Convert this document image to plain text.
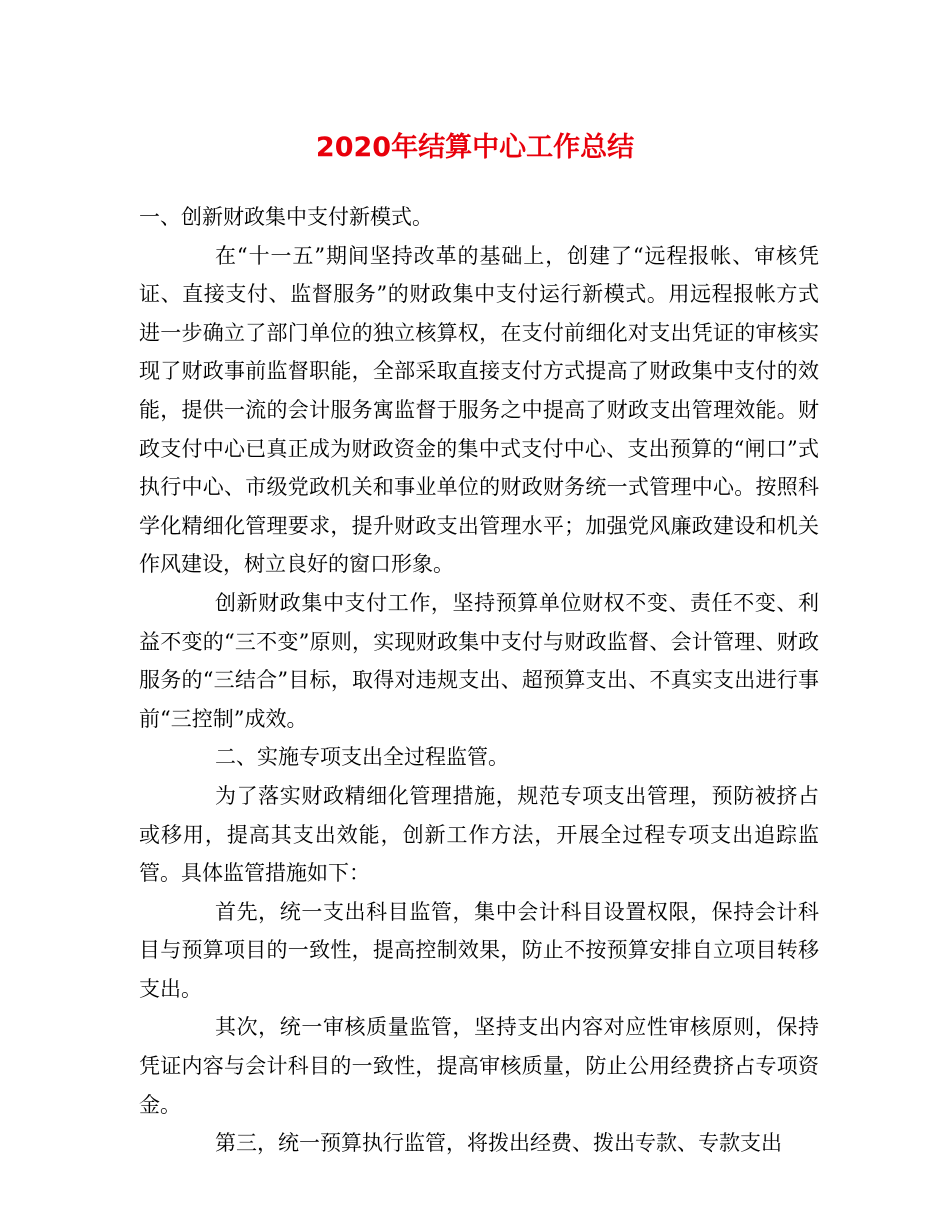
2020年结算中心工作总结

一、创新财政集中支付新模式。

在“十一五”期间坚持改革的基础上，创建了“远程报帐、审核凭证、直接支付、监督服务”的财政集中支付运行新模式。用远程报帐方式进一步确立了部门单位的独立核算权，在支付前细化对支出凭证的审核实现了财政事前监督职能，全部采取直接支付方式提高了财政集中支付的效能，提供一流的会计服务寓监督于服务之中提高了财政支出管理效能。财政支付中心已真正成为财政资金的集中式支付中心、支出预算的“闸口”式执行中心、市级党政机关和事业单位的财政财务统一式管理中心。按照科学化精细化管理要求，提升财政支出管理水平；加强党风廉政建设和机关作风建设，树立良好的窗口形象。

创新财政集中支付工作，坚持预算单位财权不变、责任不变、利益不变的“三不变”原则，实现财政集中支付与财政监督、会计管理、财政服务的“三结合”目标，取得对违规支出、超预算支出、不真实支出进行事前“三控制”成效。

二、实施专项支出全过程监管。

为了落实财政精细化管理措施，规范专项支出管理，预防被挤占或移用，提高其支出效能，创新工作方法，开展全过程专项支出追踪监管。具体监管措施如下：

首先，统一支出科目监管，集中会计科目设置权限，保持会计科目与预算项目的一致性，提高控制效果，防止不按预算安排自立项目转移支出。

其次，统一审核质量监管，坚持支出内容对应性审核原则，保持凭证内容与会计科目的一致性，提高审核质量，防止公用经费挤占专项资金。

第三，统一预算执行监管，将拨出经费、拨出专款、专款支出
